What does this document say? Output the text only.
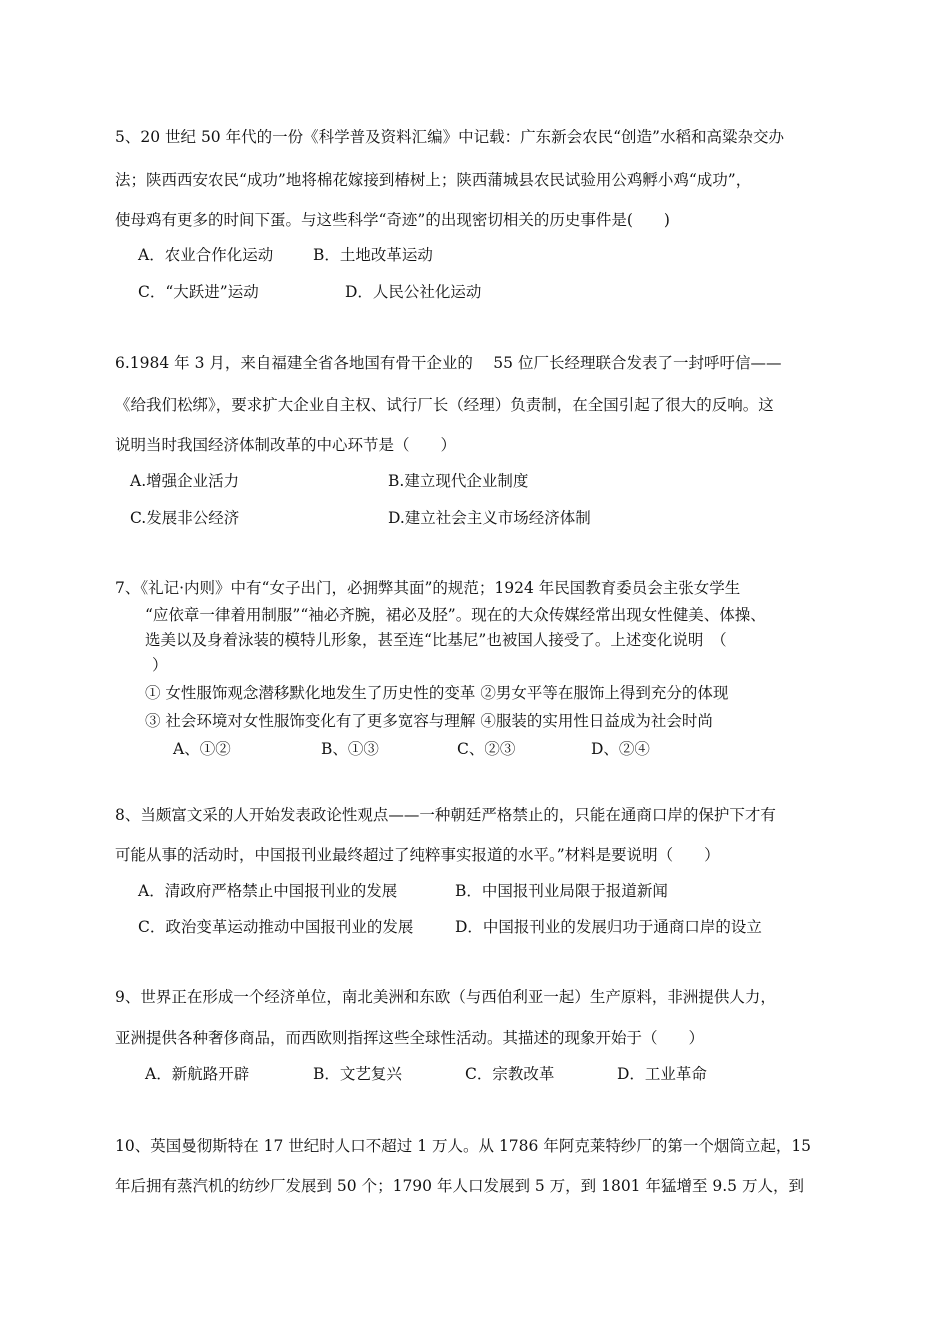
5、20 世纪 50 年代的一份《科学普及资料汇编》中记载：广东新会农民“创造”水稻和高粱杂交办
法；陕西西安农民“成功”地将棉花嫁接到椿树上；陕西蒲城县农民试验用公鸡孵小鸡“成功”，
使母鸡有更多的时间下蛋。与这些科学“奇迹”的出现密切相关的历史事件是(　　)
A．农业合作化运动	B．土地改革运动
C．“大跃进”运动	D．人民公社化运动
6.1984 年 3 月，来自福建全省各地国有骨干企业的　 55 位厂长经理联合发表了一封呼吁信——
《给我们松绑》，要求扩大企业自主权、试行厂长（经理）负责制，在全国引起了很大的反响。这
说明当时我国经济体制改革的中心环节是（　　）
A.增强企业活力	B.建立现代企业制度
C.发展非公经济	D.建立社会主义市场经济体制
7、《礼记·内则》中有“女子出门，必拥弊其面”的规范；1924 年民国教育委员会主张女学生
“应依章一律着用制服”“袖必齐腕，裙必及胫”。现在的大众传媒经常出现女性健美、体操、
选美以及身着泳装的模特儿形象，甚至连“比基尼”也被国人接受了。上述变化说明　（
）
① 女性服饰观念潜移默化地发生了历史性的变革 ②男女平等在服饰上得到充分的体现
③ 社会环境对女性服饰变化有了更多宽容与理解 ④服装的实用性日益成为社会时尚
A、①②	B、①③	C、②③	D、②④
8、当颇富文采的人开始发表政论性观点——一种朝廷严格禁止的，只能在通商口岸的保护下才有
可能从事的活动时，中国报刊业最终超过了纯粹事实报道的水平。”材料是要说明（　　）
A．清政府严格禁止中国报刊业的发展	B．中国报刊业局限于报道新闻
C．政治变革运动推动中国报刊业的发展	D．中国报刊业的发展归功于通商口岸的设立
9、世界正在形成一个经济单位，南北美洲和东欧（与西伯利亚一起）生产原料，非洲提供人力，
亚洲提供各种奢侈商品，而西欧则指挥这些全球性活动。其描述的现象开始于（　　）
A．新航路开辟	B．文艺复兴	C．宗教改革	D．工业革命
10、英国曼彻斯特在 17 世纪时人口不超过 1 万人。从 1786 年阿克莱特纱厂的第一个烟筒立起，15
年后拥有蒸汽机的纺纱厂发展到 50 个；1790 年人口发展到 5 万，到 1801 年猛增至 9.5 万人，到
